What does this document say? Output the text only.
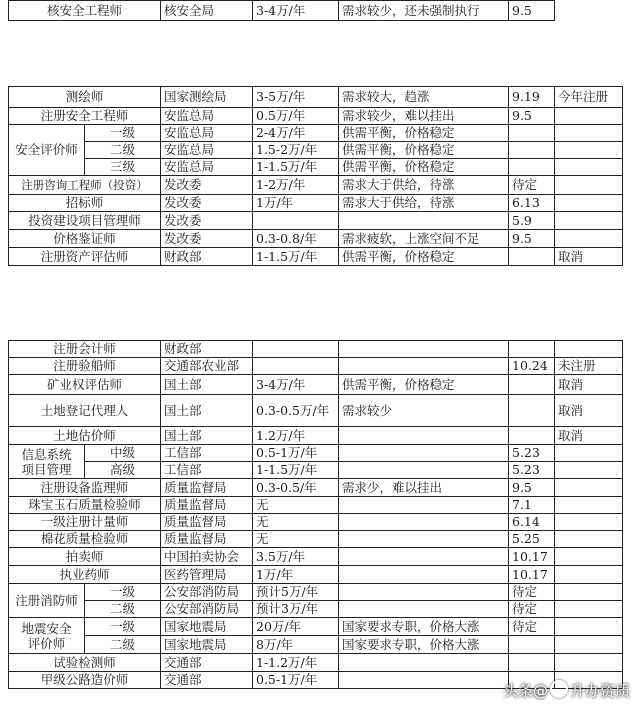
核安全工程师	核安全局	3-4万/年	需求较少，还未强制执行	9.5	
测绘师		国家测绘局	3-5万/年	需求较大，趋涨	9.19	今年注册
注册安全工程师		安监总局	0.5万/年	需求较少，难以挂出	9.5	
安全评价师	一级	安监总局	2-4万/年	供需平衡，价格稳定		
	二级	安监总局	1.5-2万/年	供需平衡，价格稳定		
	三级	安监总局	1-1.5万/年	供需平衡，价格稳定		
注册咨询工程师（投资）		发改委	1-2万/年	需求大于供给，待涨	待定	
招标师		发改委	1万/年	需求大于供给，待涨	6.13	
投资建设项目管理师		发改委			5.9	
价格鉴证师		发改委	0.3-0.8/年	需求疲软，上涨空间不足	9.5	
注册资产评估师		财政部	1-1.5万/年	供需平衡，价格稳定		取消
注册会计师		财政部				
注册验船师		交通部农业部			10.24	未注册
矿业权评估师		国土部	3-4万/年	供需平衡，价格稳定		取消
土地登记代理人		国土部	0.3-0.5万/年	需求较少		取消
土地估价师		国土部	1.2万/年			取消

信息系统
项目管理	中级	工信部	0.5-1万/年		5.23	
	高级	工信部	1-1.5万/年		5.23	
注册设备监理师		质量监督局	0.3-0.5/年	需求少，难以挂出	9.5	
珠宝玉石质量检验师		质量监督局	无		7.1	
一级注册计量师		质量监督局	无		6.14	
棉花质量检验师		质量监督局	无		5.25	
拍卖师		中国拍卖协会	3.5万/年		10.17	
执业药师		医药管理局	1万/年		10.17	
注册消防师	一级	公安部消防局	预计5万/年		待定	
	二级	公安部消防局	预计3万/年		待定	

地震安全
评价师	一级	国家地震局	20万/年	国家要求专职，价格大涨	待定	
	二级	国家地震局	8万/年	国家要求专职，价格大涨		
试验检测师		交通部	1-1.2万/年			
甲级公路造价师		交通部	0.5-1万/年			
头条@ 升办资质
